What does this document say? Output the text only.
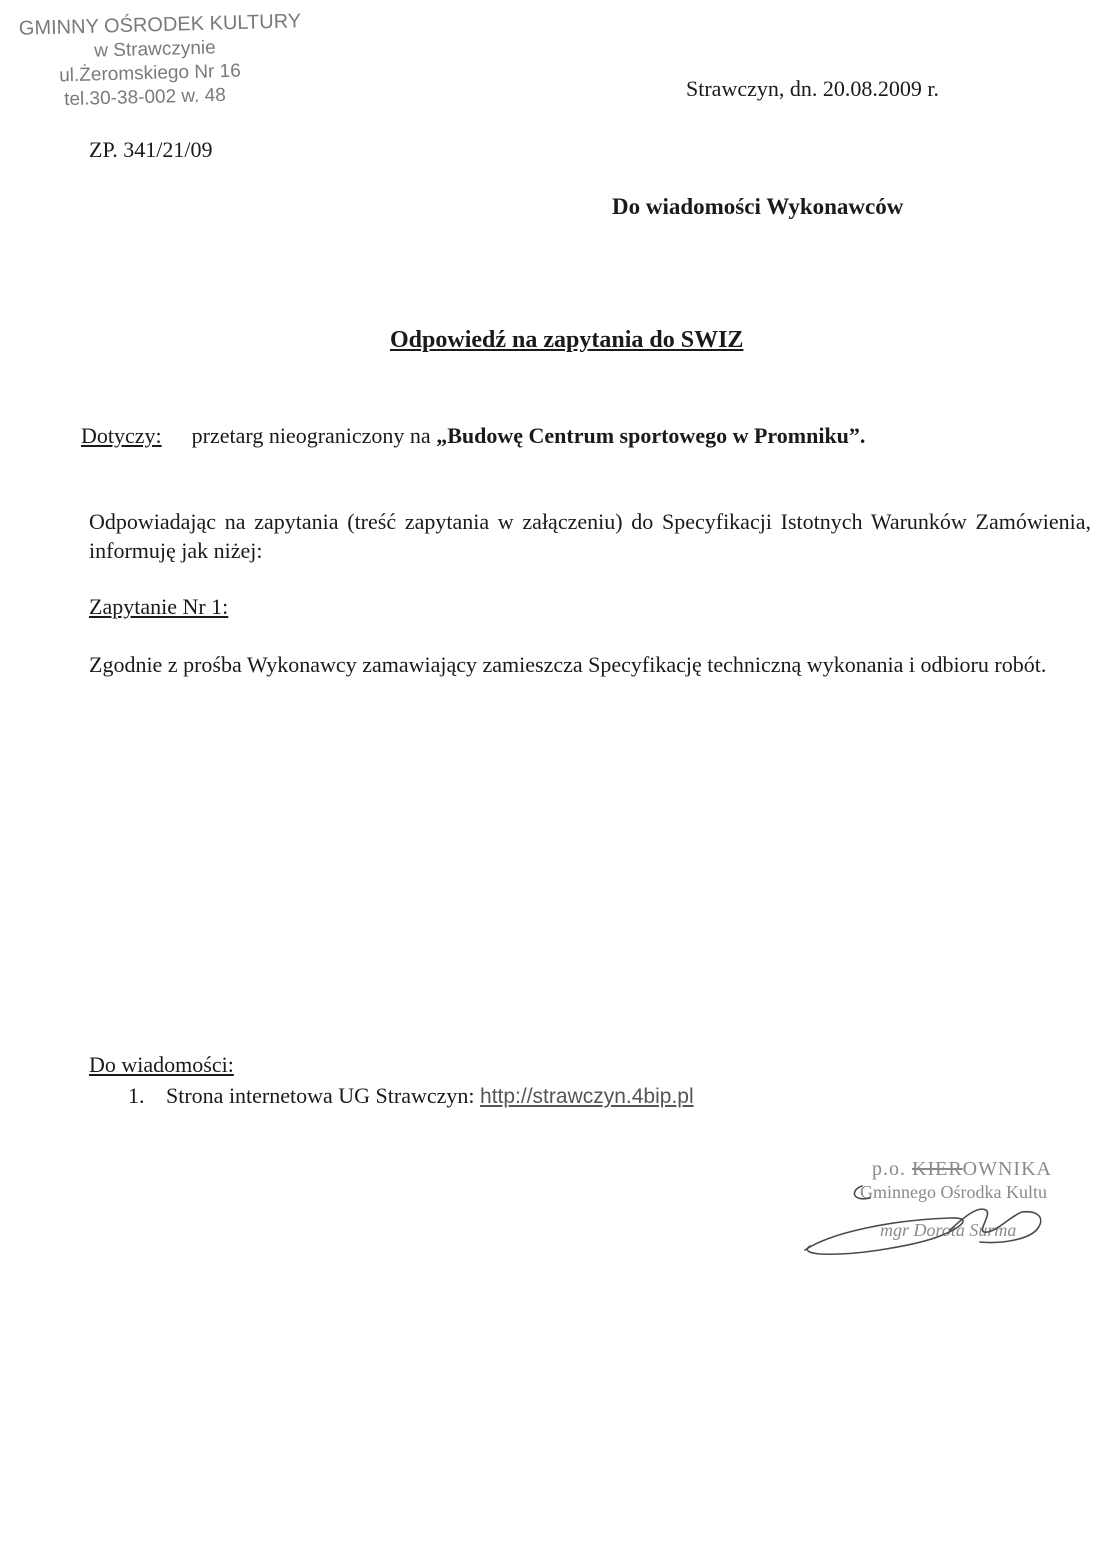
GMINNY OŚRODEK KULTURY
w Strawczynie
ul.Żeromskiego Nr 16
tel.30-38-002 w. 48
ZP. 341/21/09
Strawczyn, dn. 20.08.2009 r.
Do wiadomości Wykonawców
Odpowiedź na zapytania do SWIZ
Dotyczy: przetarg nieograniczony na „Budowę Centrum sportowego w Promniku”.
Odpowiadając na zapytania (treść zapytania w załączeniu) do Specyfikacji Istotnych Warunków Zamówienia, informuję jak niżej:
Zapytanie Nr 1:
Zgodnie z prośba Wykonawcy zamawiający zamieszcza Specyfikację techniczną wykonania i odbioru robót.
Do wiadomości:
1. Strona internetowa UG Strawczyn: http://strawczyn.4bip.pl
p.o. KIEROWNIKA
Gminnego Ośrodka Kultu
mgr Dorota Surma
